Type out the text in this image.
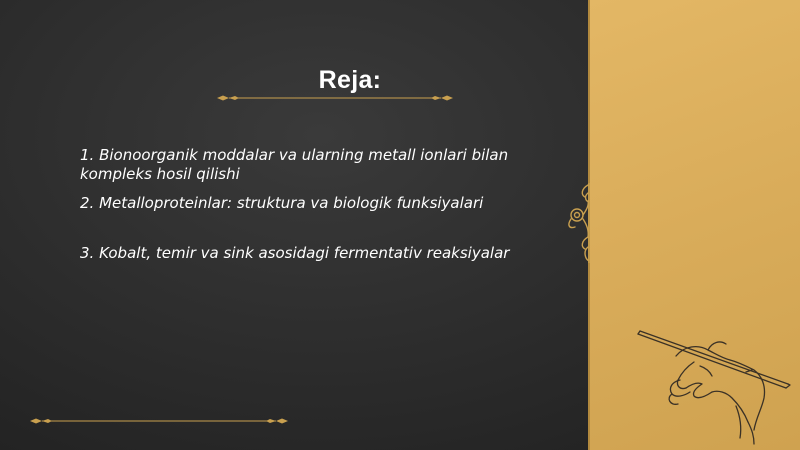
Reja:
1. Bionoorganik moddalar va ularning metall ionlari bilan kompleks hosil qilishi
2. Metalloproteinlar: struktura va biologik funksiyalari
3. Kobalt, temir va sink asosidagi fermentativ reaksiyalar
